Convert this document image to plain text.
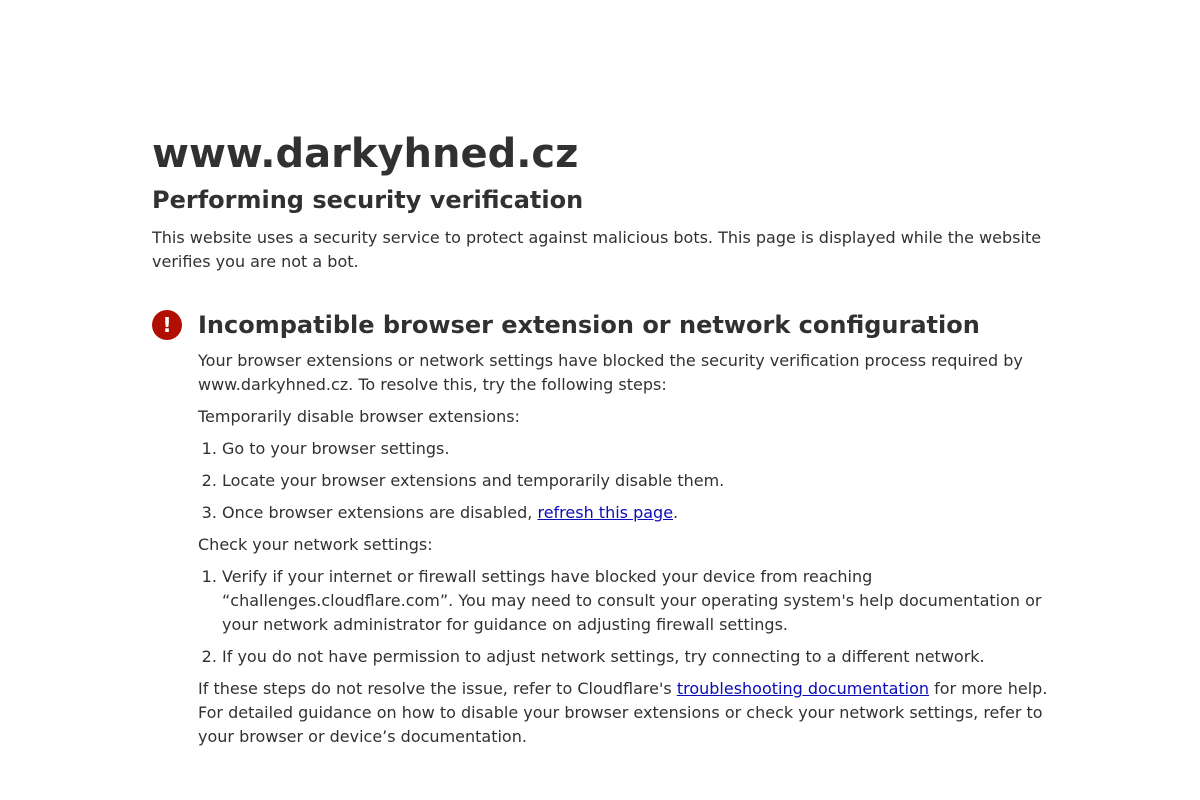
www.darkyhned.cz
Performing security verification

This website uses a security service to protect against malicious bots. This page is displayed while the website verifies you are not a bot.

!	Incompatible browser extension or network configuration

Your browser extensions or network settings have blocked the security verification process required by www.darkyhned.cz. To resolve this, try the following steps:

Temporarily disable browser extensions:

1. Go to your browser settings.
2. Locate your browser extensions and temporarily disable them.
3. Once browser extensions are disabled, refresh this page.

Check your network settings:

1. Verify if your internet or firewall settings have blocked your device from reaching “challenges.cloudflare.com”. You may need to consult your operating system's help documentation or your network administrator for guidance on adjusting firewall settings.
2. If you do not have permission to adjust network settings, try connecting to a different network.

If these steps do not resolve the issue, refer to Cloudflare's troubleshooting documentation for more help. For detailed guidance on how to disable your browser extensions or check your network settings, refer to your browser or device’s documentation.
